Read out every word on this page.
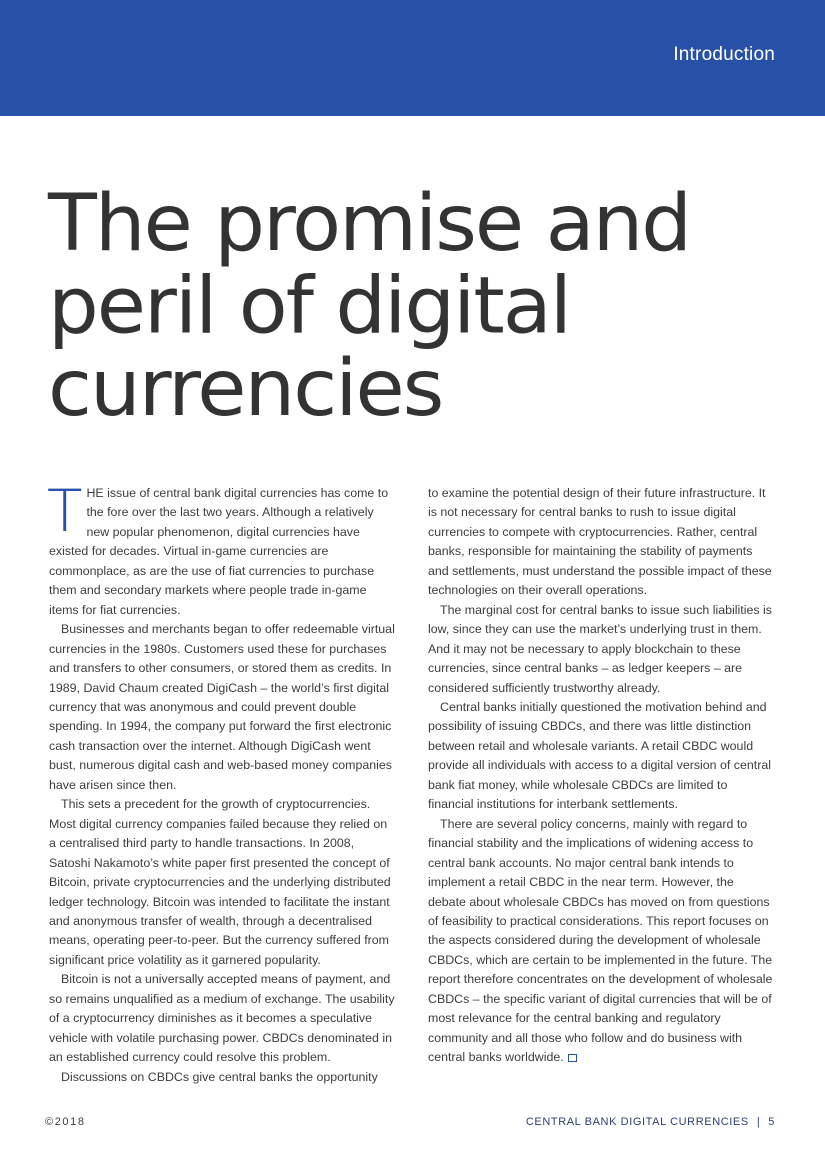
Introduction
The promise and
peril of digital
currencies

THE issue of central bank digital currencies has come to the fore over the last two years. Although a relatively new popular phenomenon, digital currencies have existed for decades. Virtual in-game currencies are commonplace, as are the use of fiat currencies to purchase them and secondary markets where people trade in-game items for fiat currencies.

Businesses and merchants began to offer redeemable virtual currencies in the 1980s. Customers used these for purchases and transfers to other consumers, or stored them as credits. In 1989, David Chaum created DigiCash – the world’s first digital currency that was anonymous and could prevent double spending. In 1994, the company put forward the first electronic cash transaction over the internet. Although DigiCash went bust, numerous digital cash and web-based money companies have arisen since then.

This sets a precedent for the growth of cryptocurrencies. Most digital currency companies failed because they relied on a centralised third party to handle transactions. In 2008, Satoshi Nakamoto’s white paper first presented the concept of Bitcoin, private cryptocurrencies and the underlying distributed ledger technology. Bitcoin was intended to facilitate the instant and anonymous transfer of wealth, through a decentralised means, operating peer-to-peer. But the currency suffered from significant price volatility as it garnered popularity.

Bitcoin is not a universally accepted means of payment, and so remains unqualified as a medium of exchange. The usability of a cryptocurrency diminishes as it becomes a speculative vehicle with volatile purchasing power. CBDCs denominated in an established currency could resolve this problem.

Discussions on CBDCs give central banks the opportunity

to examine the potential design of their future infrastructure. It is not necessary for central banks to rush to issue digital currencies to compete with cryptocurrencies. Rather, central banks, responsible for maintaining the stability of payments and settlements, must understand the possible impact of these technologies on their overall operations.

The marginal cost for central banks to issue such liabilities is low, since they can use the market’s underlying trust in them. And it may not be necessary to apply blockchain to these currencies, since central banks – as ledger keepers – are considered sufficiently trustworthy already.

Central banks initially questioned the motivation behind and possibility of issuing CBDCs, and there was little distinction between retail and wholesale variants. A retail CBDC would provide all individuals with access to a digital version of central bank fiat money, while wholesale CBDCs are limited to financial institutions for interbank settlements.

There are several policy concerns, mainly with regard to financial stability and the implications of widening access to central bank accounts. No major central bank intends to implement a retail CBDC in the near term. However, the debate about wholesale CBDCs has moved on from questions of feasibility to practical considerations. This report focuses on the aspects considered during the development of wholesale CBDCs, which are certain to be implemented in the future. The report therefore concentrates on the development of wholesale CBDCs – the specific variant of digital currencies that will be of most relevance for the central banking and regulatory community and all those who follow and do business with central banks worldwide.

©2018	CENTRAL BANK DIGITAL CURRENCIES | 5
